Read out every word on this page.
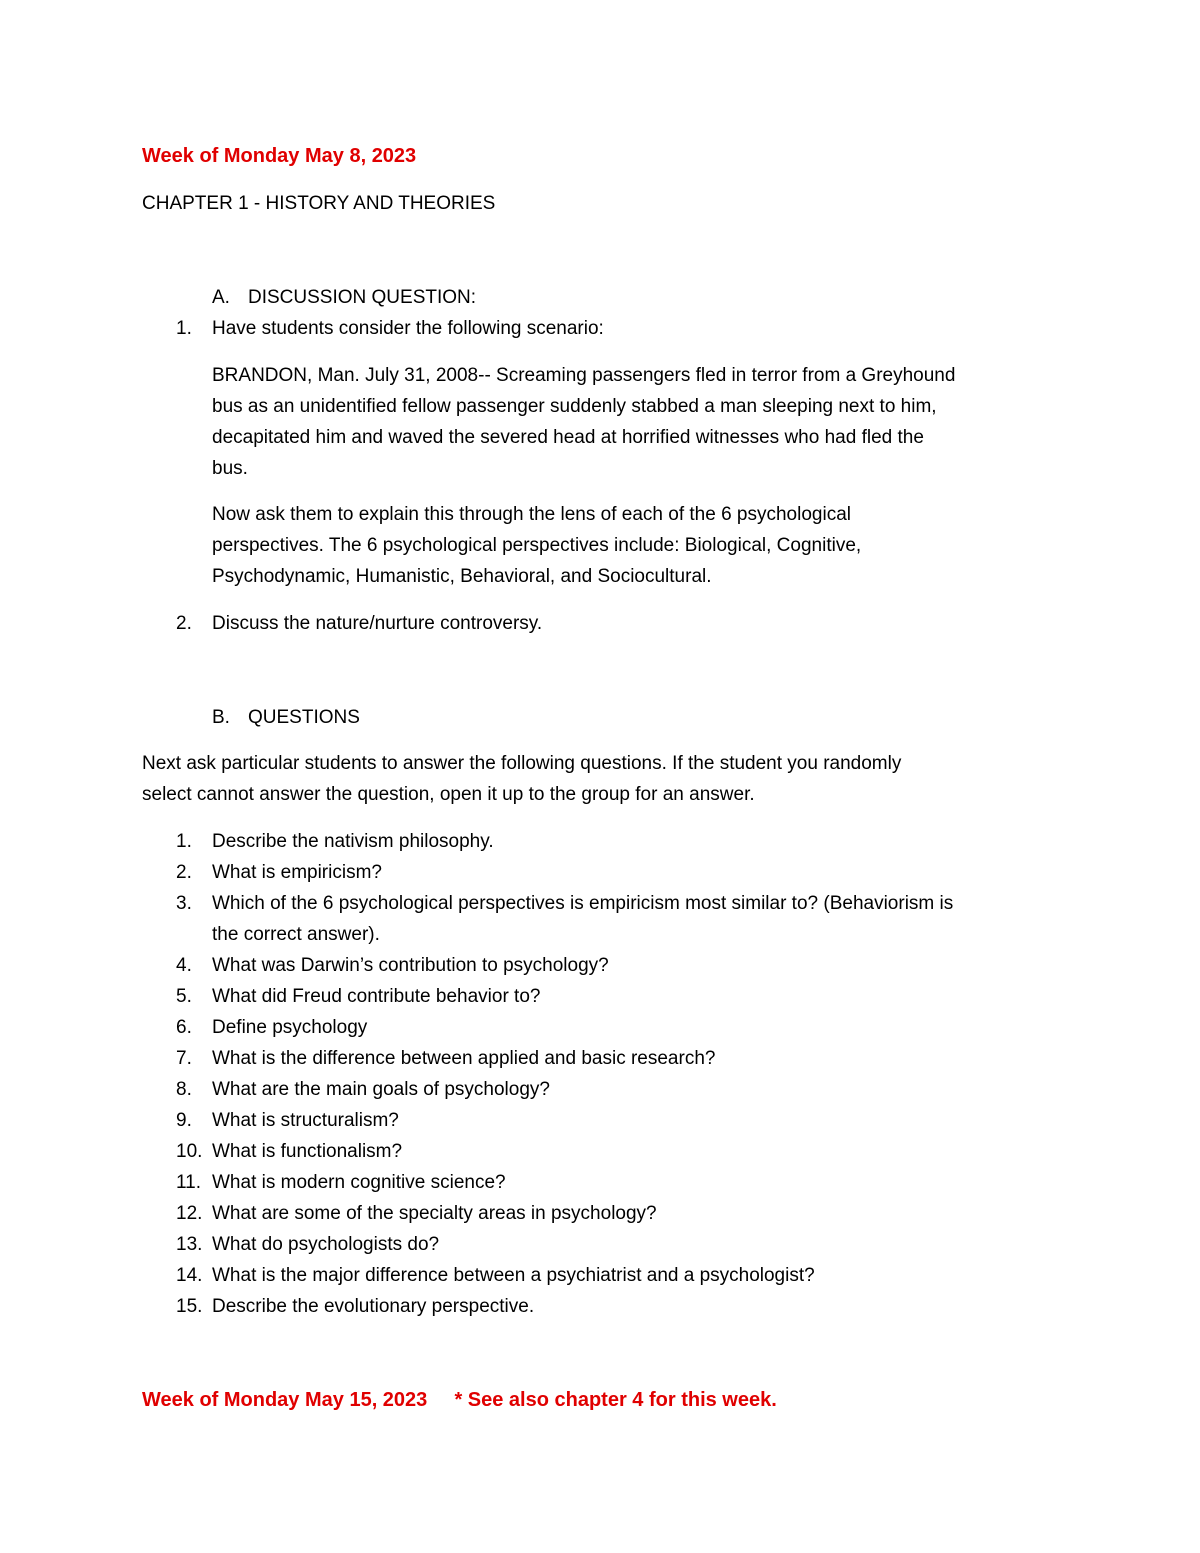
Week of Monday May 8, 2023
CHAPTER 1 - HISTORY AND THEORIES
A. DISCUSSION QUESTION:
1. Have students consider the following scenario:

BRANDON, Man. July 31, 2008-- Screaming passengers fled in terror from a Greyhound

bus as an unidentified fellow passenger suddenly stabbed a man sleeping next to him,

decapitated him and waved the severed head at horrified witnesses who had fled the

bus.

Now ask them to explain this through the lens of each of the 6 psychological

perspectives. The 6 psychological perspectives include: Biological, Cognitive,

Psychodynamic, Humanistic, Behavioral, and Sociocultural.

2. Discuss the nature/nurture controversy.
B. QUESTIONS

Next ask particular students to answer the following questions. If the student you randomly

select cannot answer the question, open it up to the group for an answer.

1. Describe the nativism philosophy.
2. What is empiricism?
3. Which of the 6 psychological perspectives is empiricism most similar to? (Behaviorism is
the correct answer).
4. What was Darwin’s contribution to psychology?
5. What did Freud contribute behavior to?
6. Define psychology
7. What is the difference between applied and basic research?
8. What are the main goals of psychology?
9. What is structuralism?
10. What is functionalism?
11. What is modern cognitive science?
12. What are some of the specialty areas in psychology?
13. What do psychologists do?
14. What is the major difference between a psychiatrist and a psychologist?
15. Describe the evolutionary perspective.
Week of Monday May 15, 2023 * See also chapter 4 for this week.
